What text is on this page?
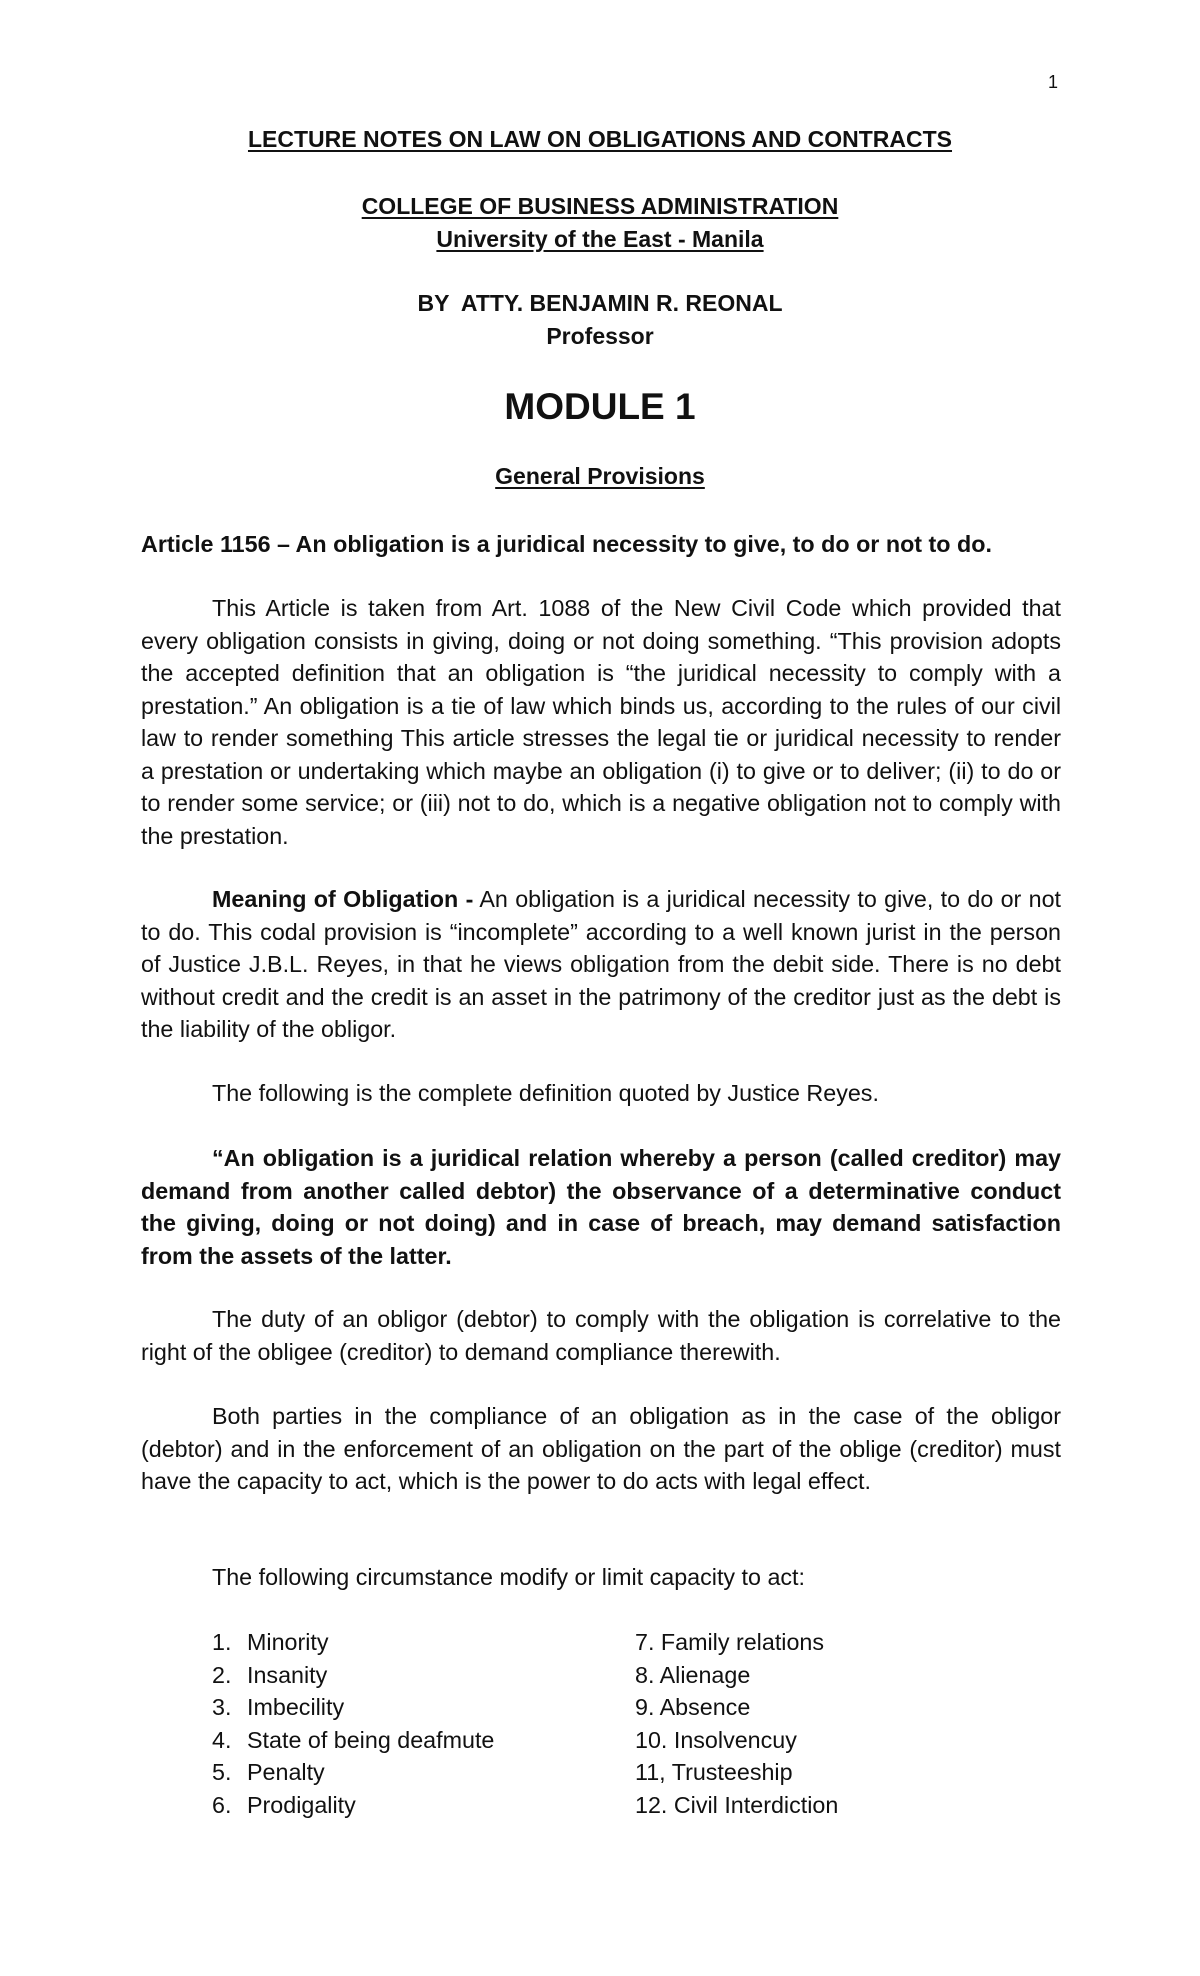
1
LECTURE NOTES ON LAW ON OBLIGATIONS AND CONTRACTS
COLLEGE OF BUSINESS ADMINISTRATION
University of the East - Manila
BY  ATTY. BENJAMIN R. REONAL
Professor
MODULE 1
General Provisions
Article 1156 – An obligation is a juridical necessity to give, to do or not to do.
This Article is taken from Art. 1088 of the New Civil Code which provided that every obligation consists in giving, doing or not doing something. “This provision adopts the accepted definition that an obligation is “the juridical necessity to comply with a prestation.” An obligation is a tie of law which binds us, according to the rules of our civil law to render something This article stresses the legal tie or juridical necessity to render a prestation or undertaking which maybe an obligation (i) to give or to deliver; (ii) to do or to render some service; or (iii) not to do, which is a negative obligation not to comply with the prestation.
Meaning of Obligation - An obligation is a juridical necessity to give, to do or not to do. This codal provision is “incomplete” according to a well known jurist in the person of Justice J.B.L. Reyes, in that he views obligation from the debit side. There is no debt without credit and the credit is an asset in the patrimony of the creditor just as the debt is the liability of the obligor.
The following is the complete definition quoted by Justice Reyes.
“An obligation is a juridical relation whereby a person (called creditor) may demand from another called debtor) the observance of a determinative conduct the giving, doing or not doing) and in case of breach, may demand satisfaction from the assets of the latter.
The duty of an obligor (debtor) to comply with the obligation is correlative to the right of the obligee (creditor) to demand compliance therewith.
Both parties in the compliance of an obligation as in the case of the obligor (debtor) and in the enforcement of an obligation on the part of the oblige (creditor) must have the capacity to act, which is the power to do acts with legal effect.
The following circumstance modify or limit capacity to act:
1. Minority
2. Insanity
3. Imbecility
4. State of being deafmute
5. Penalty
6. Prodigality
7. Family relations
8. Alienage
9. Absence
10. Insolvencuy
11, Trusteeship
12. Civil Interdiction
